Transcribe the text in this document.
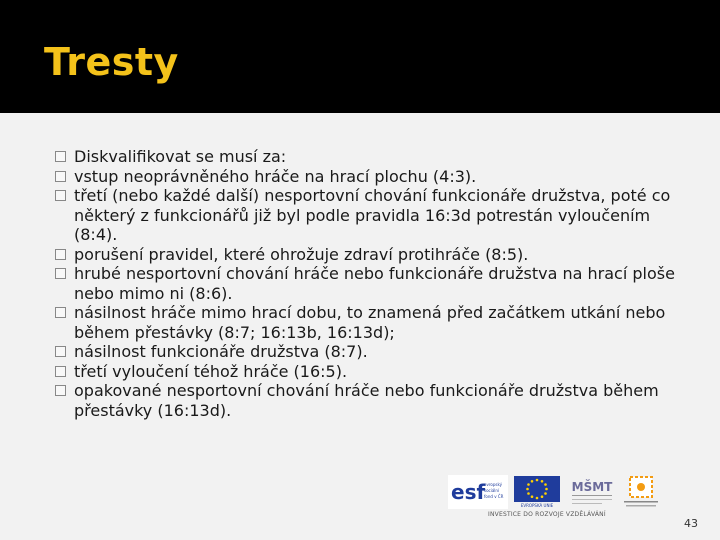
Tresty
Diskvalifikovat se musí za:
vstup neoprávněného hráče na hrací plochu (4:3).
třetí (nebo každé další) nesportovní chování funkcionáře družstva, poté co některý z funkcionářů již byl podle pravidla 16:3d potrestán vyloučením (8:4).
porušení pravidel, které ohrožuje zdraví protihráče (8:5).
hrubé nesportovní chování hráče nebo funkcionáře družstva na hrací ploše nebo mimo ni (8:6).
násilnost hráče mimo hrací dobu, to znamená před začátkem utkání nebo během přestávky (8:7; 16:13b, 16:13d);
násilnost funkcionáře družstva (8:7).
třetí vyloučení téhož hráče (16:5).
opakované nesportovní chování hráče nebo funkcionáře družstva během přestávky (16:13d).
esf
evropský
sociální
fond v ČR
EVROPSKÁ UNIE
MŠMT
INVESTICE DO ROZVOJE VZDĚLÁVÁNÍ
43
